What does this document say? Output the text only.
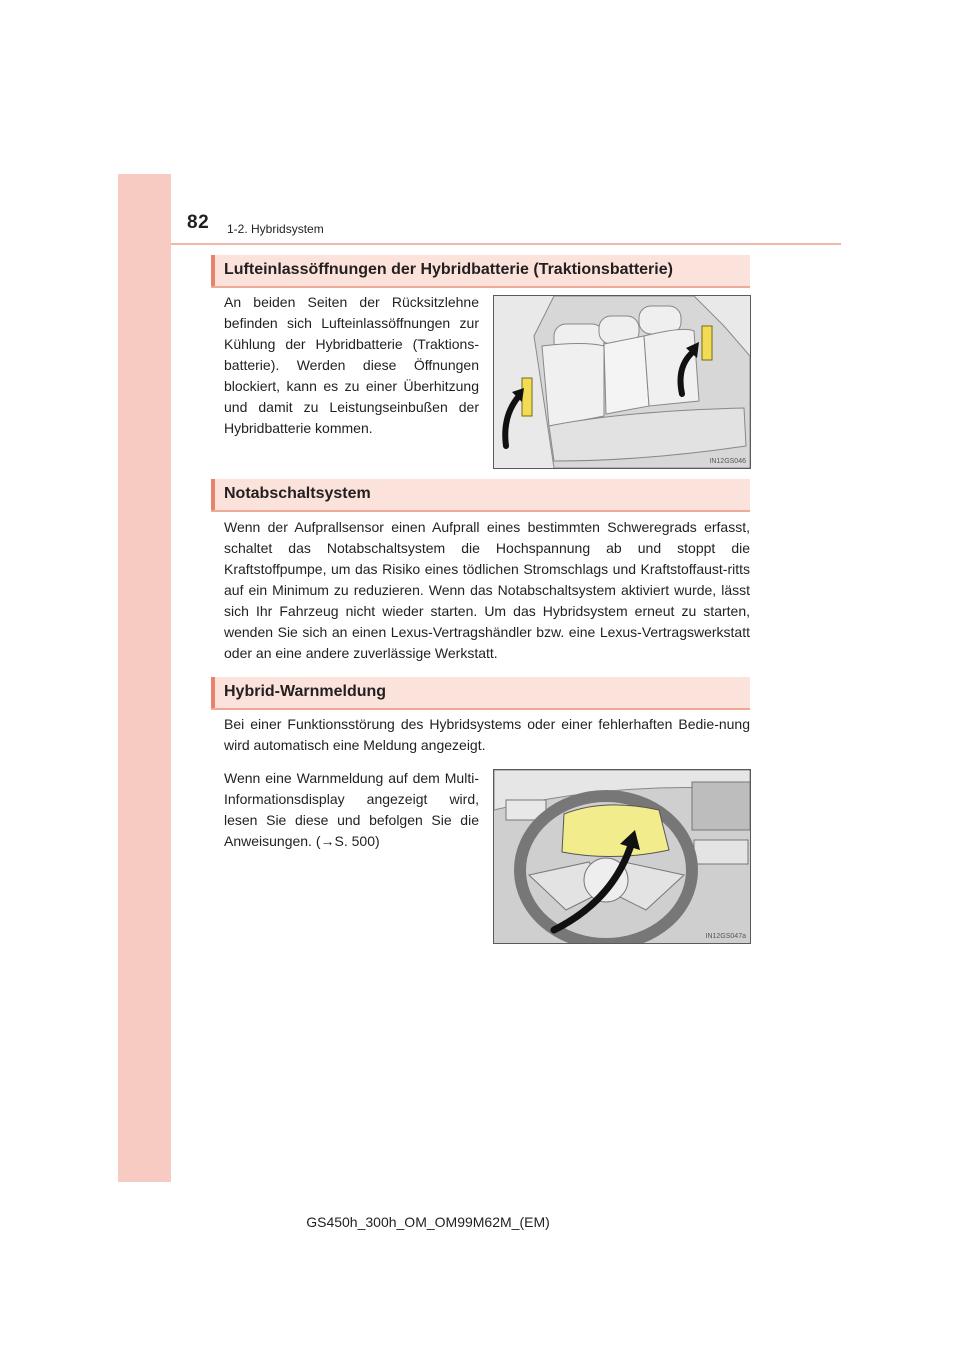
82 1-2. Hybridsystem
Lufteinlassöffnungen der Hybridbatterie (Traktionsbatterie)

An beiden Seiten der Rücksitzlehne befinden sich Lufteinlassöffnungen zur Kühlung der Hybridbatterie (Traktions-batterie). Werden diese Öffnungen blockiert, kann es zu einer Überhitzung und damit zu Leistungseinbußen der Hybridbatterie kommen.

IN12GS046
Notabschaltsystem

Wenn der Aufprallsensor einen Aufprall eines bestimmten Schweregrads erfasst, schaltet das Notabschaltsystem die Hochspannung ab und stoppt die Kraftstoffpumpe, um das Risiko eines tödlichen Stromschlags und Kraftstoffaust-ritts auf ein Minimum zu reduzieren. Wenn das Notabschaltsystem aktiviert wurde, lässt sich Ihr Fahrzeug nicht wieder starten. Um das Hybridsystem erneut zu starten, wenden Sie sich an einen Lexus-Vertragshändler bzw. eine Lexus-Vertragswerkstatt oder an eine andere zuverlässige Werkstatt.

Hybrid-Warnmeldung

Bei einer Funktionsstörung des Hybridsystems oder einer fehlerhaften Bedie-nung wird automatisch eine Meldung angezeigt.

Wenn eine Warnmeldung auf dem Multi-Informationsdisplay angezeigt wird, lesen Sie diese und befolgen Sie die Anweisungen. (→S. 500)

IN12GS047a
GS450h_300h_OM_OM99M62M_(EM)
